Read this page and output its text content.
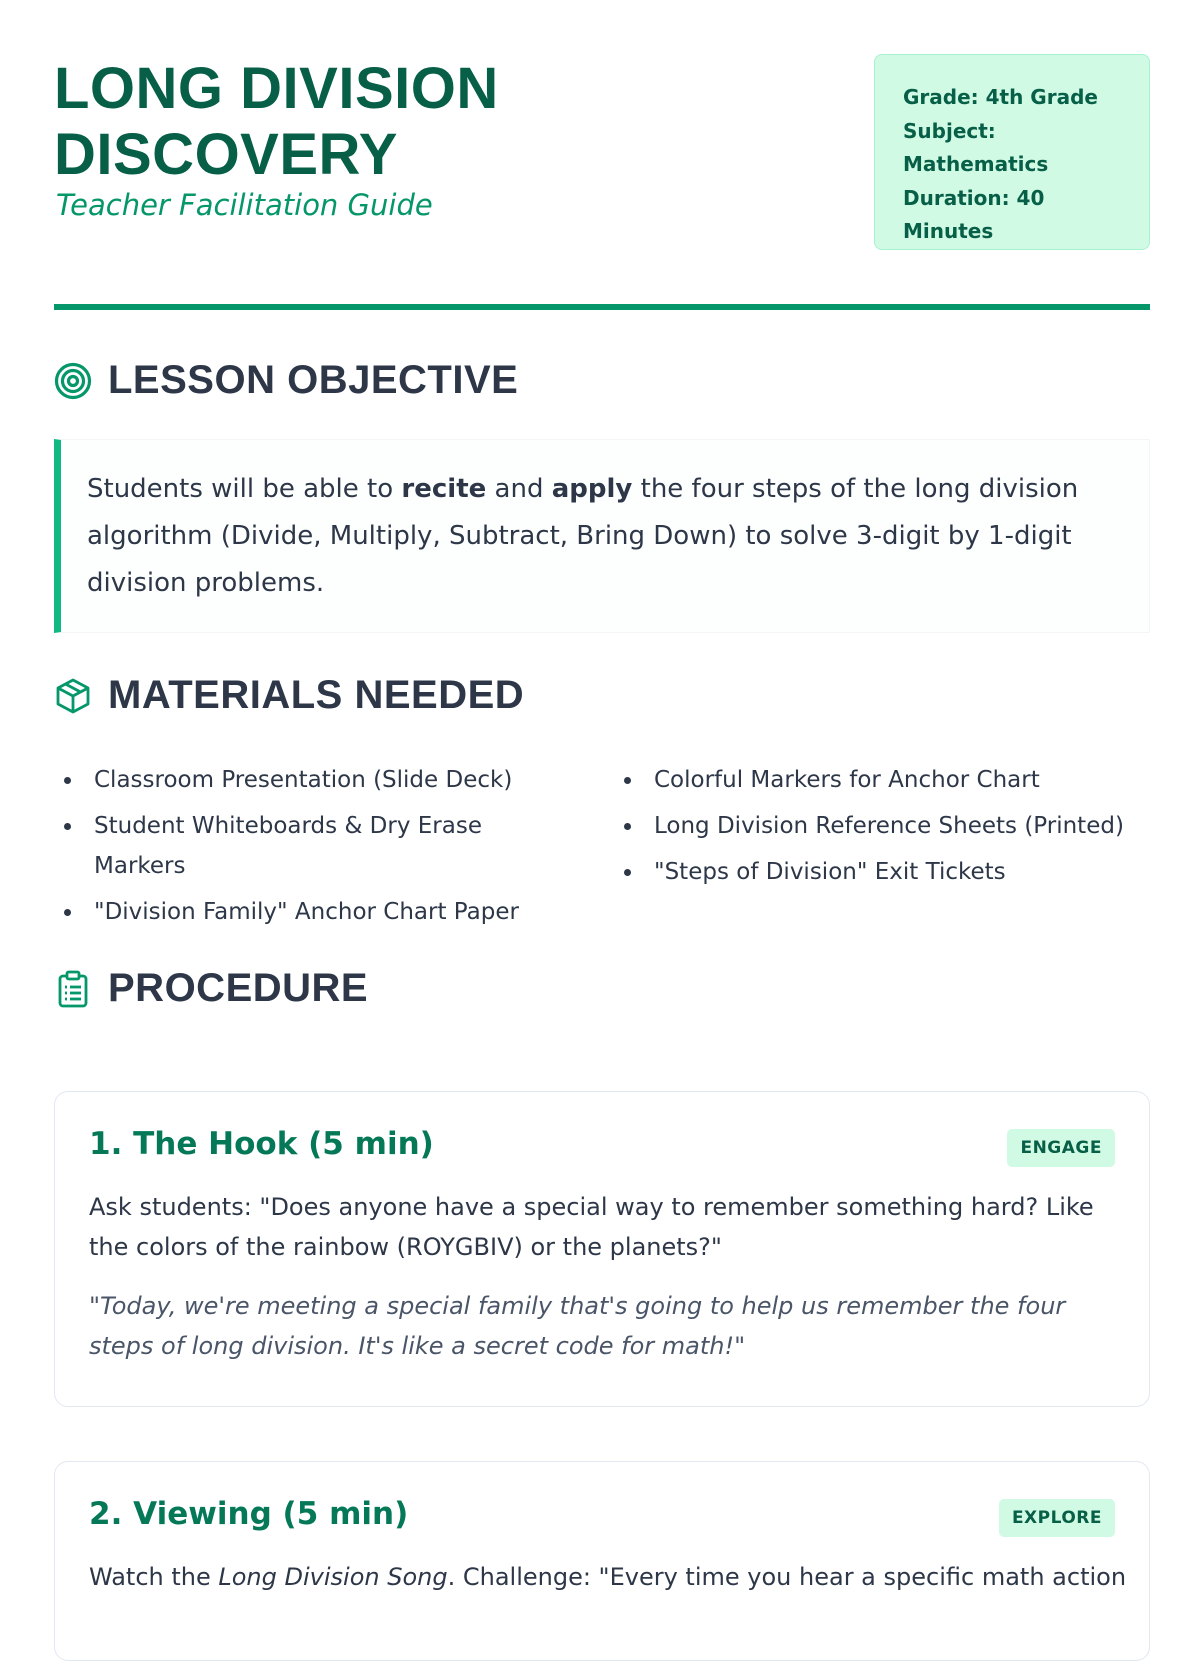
LONG DIVISION
DISCOVERY
Teacher Facilitation Guide
Grade: 4th Grade
Subject:
Mathematics
Duration: 40
Minutes
LESSON OBJECTIVE
Students will be able to recite and apply the four steps of the long division algorithm (Divide, Multiply, Subtract, Bring Down) to solve 3-digit by 1-digit division problems.
MATERIALS NEEDED
Classroom Presentation (Slide Deck)
Student Whiteboards & Dry Erase Markers
"Division Family" Anchor Chart Paper
Colorful Markers for Anchor Chart
Long Division Reference Sheets (Printed)
"Steps of Division" Exit Tickets
PROCEDURE
1. The Hook (5 min)	ENGAGE

Ask students: "Does anyone have a special way to remember something hard? Like the colors of the rainbow (ROYGBIV) or the planets?"

"Today, we're meeting a special family that's going to help us remember the four steps of long division. It's like a secret code for math!"

2. Viewing (5 min)	EXPLORE

Watch the Long Division Song. Challenge: "Every time you hear a specific math action
